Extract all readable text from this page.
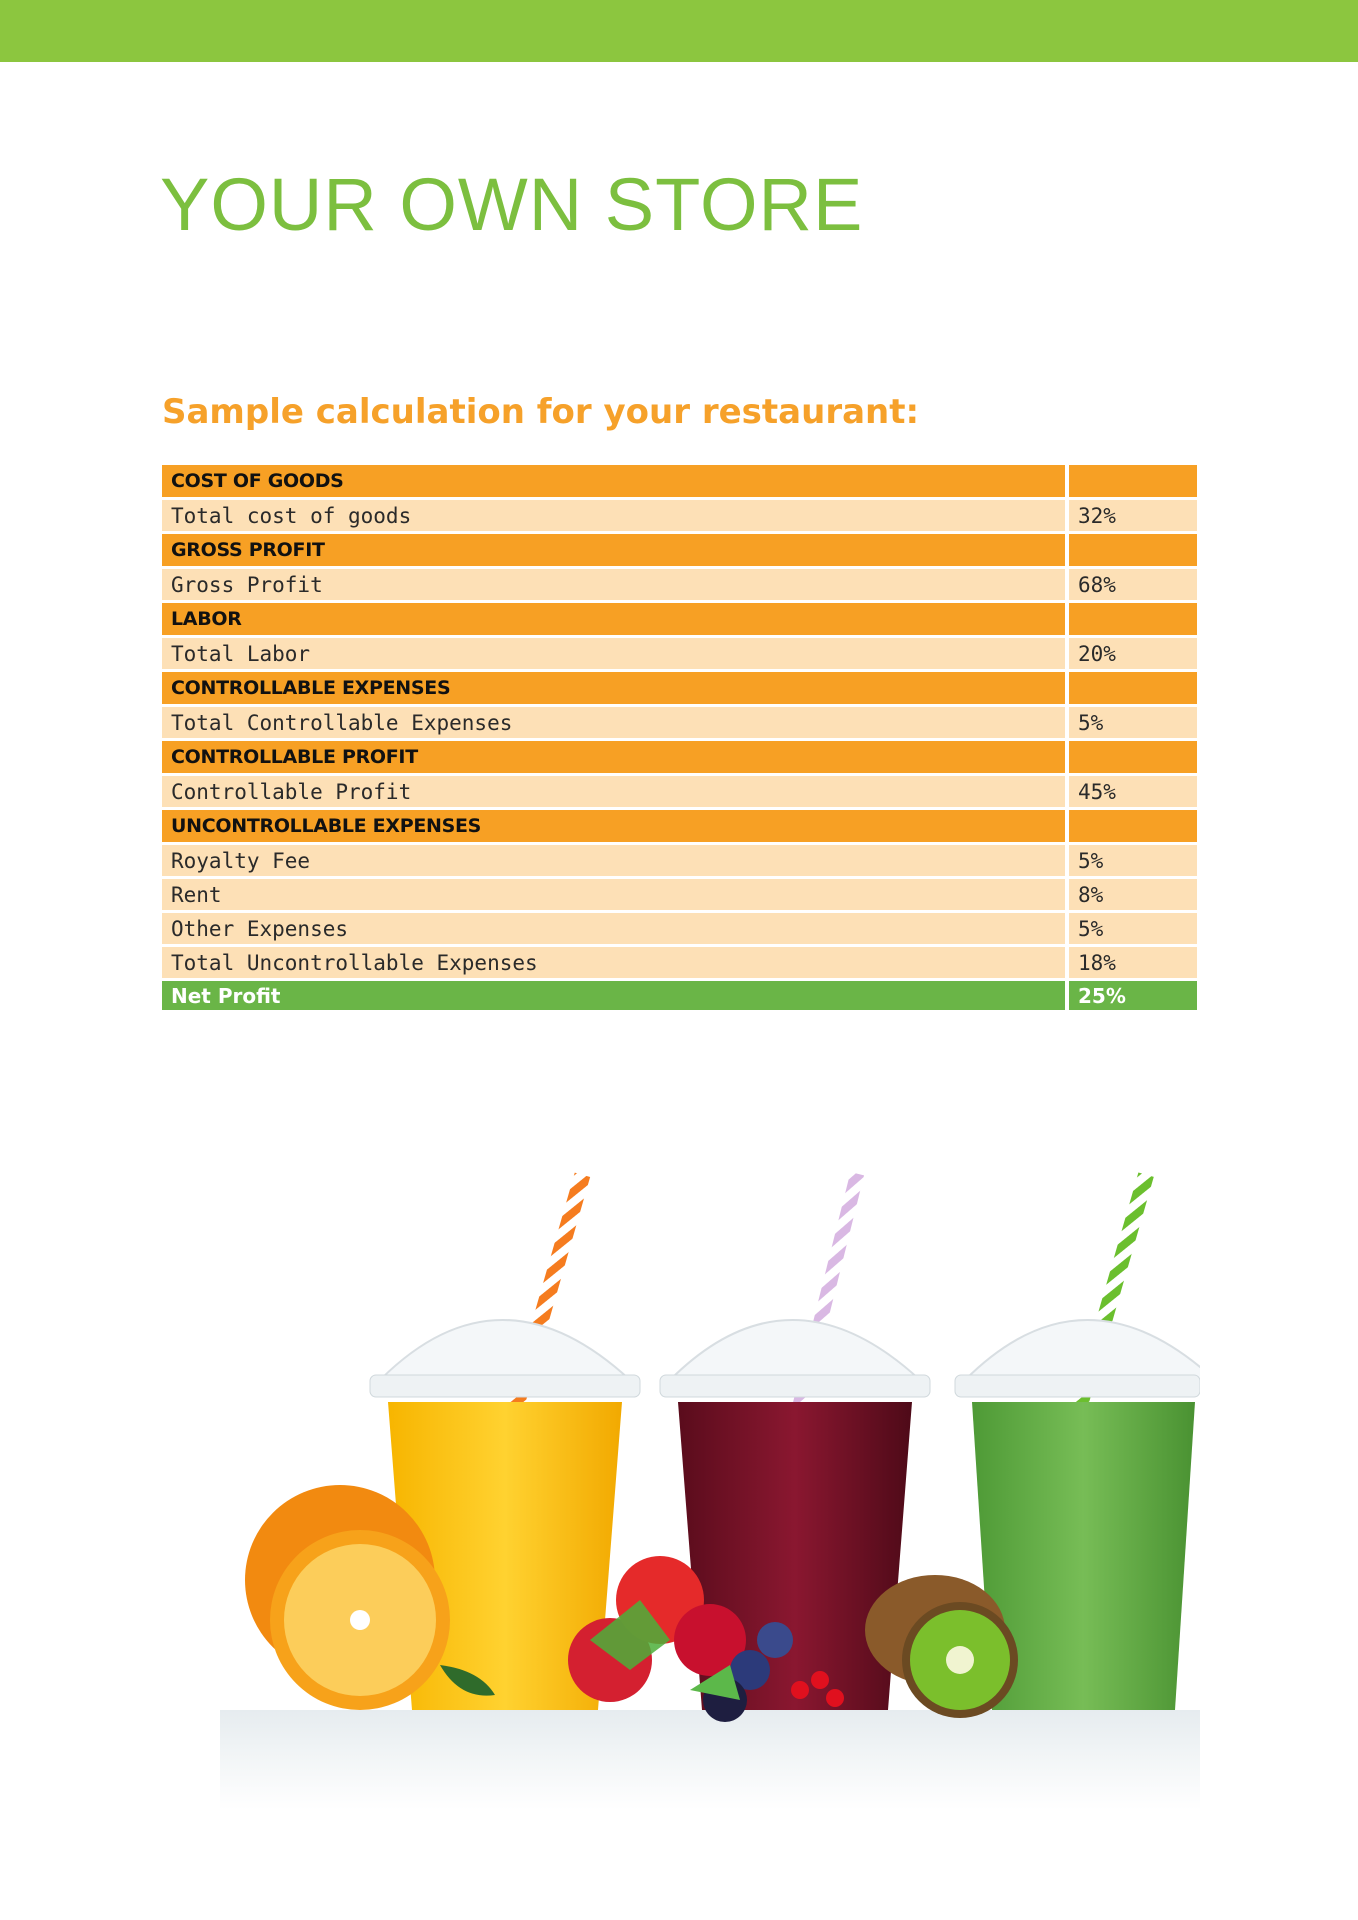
YOUR OWN STORE
Sample calculation for your restaurant:
COST OF GOODS	
Total cost of goods	32%
GROSS PROFIT	
Gross Profit	68%
LABOR	
Total Labor	20%
CONTROLLABLE EXPENSES	
Total Controllable Expenses	5%
CONTROLLABLE PROFIT	
Controllable Profit	45%
UNCONTROLLABLE EXPENSES	
Royalty Fee	5%
Rent	8%
Other Expenses	5%
Total Uncontrollable Expenses	18%
Net Profit	25%
